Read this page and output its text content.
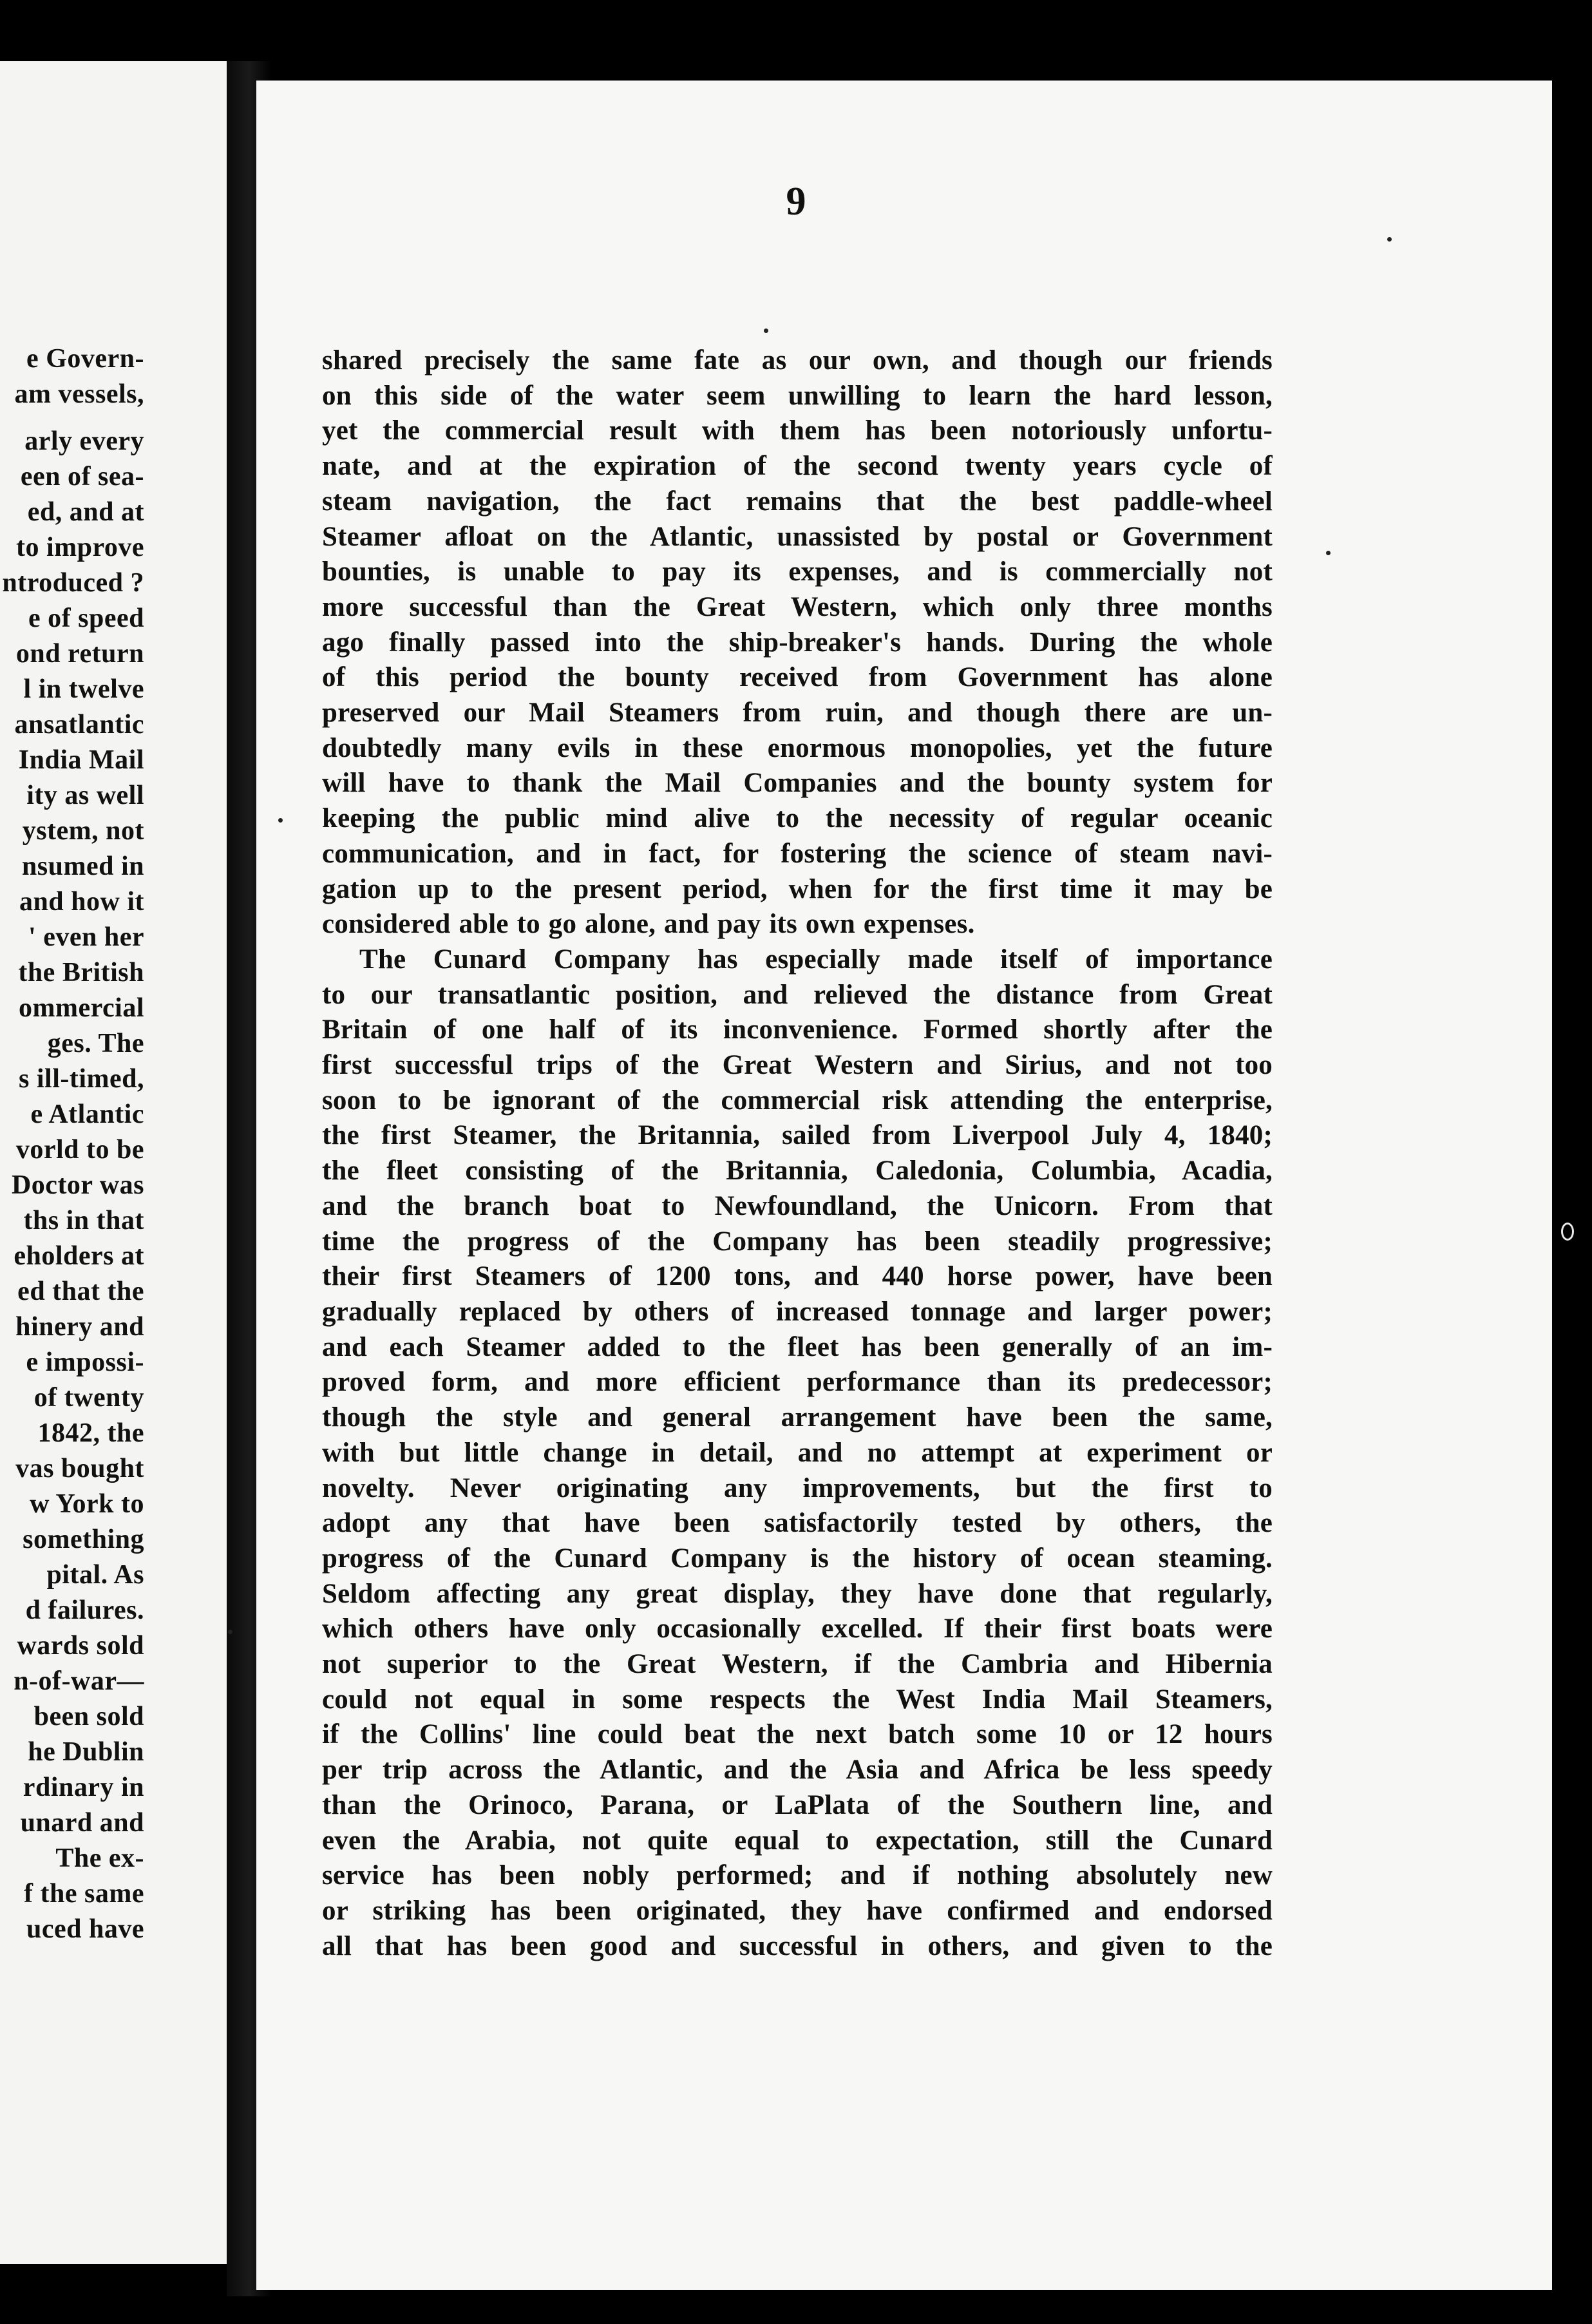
e Govern-
am vessels,
arly every
een of sea-
ed, and at
to improve
ntroduced ?
e of speed
ond return
l in twelve
ansatlantic
India Mail
ity as well
ystem, not
nsumed in
and how it
' even her
the British
ommercial
ges. The
s ill-timed,
e Atlantic
vorld to be
Doctor was
ths in that
eholders at
ed that the
hinery and
e impossi-
of twenty
1842, the
vas bought
w York to
something
pital. As
d failures.
wards sold
n-of-war—
been sold
he Dublin
rdinary in
unard and
The ex-
f the same
uced have
9
shared precisely the same fate as our own, and though our friends
on this side of the water seem unwilling to learn the hard lesson,
yet the commercial result with them has been notoriously unfortu-
nate, and at the expiration of the second twenty years cycle of
steam navigation, the fact remains that the best paddle-wheel
Steamer afloat on the Atlantic, unassisted by postal or Government
bounties, is unable to pay its expenses, and is commercially not
more successful than the Great Western, which only three months
ago finally passed into the ship-breaker's hands. During the whole
of this period the bounty received from Government has alone
preserved our Mail Steamers from ruin, and though there are un-
doubtedly many evils in these enormous monopolies, yet the future
will have to thank the Mail Companies and the bounty system for
keeping the public mind alive to the necessity of regular oceanic
communication, and in fact, for fostering the science of steam navi-
gation up to the present period, when for the first time it may be
considered able to go alone, and pay its own expenses.
The Cunard Company has especially made itself of importance
to our transatlantic position, and relieved the distance from Great
Britain of one half of its inconvenience. Formed shortly after the
first successful trips of the Great Western and Sirius, and not too
soon to be ignorant of the commercial risk attending the enterprise,
the first Steamer, the Britannia, sailed from Liverpool July 4, 1840;
the fleet consisting of the Britannia, Caledonia, Columbia, Acadia,
and the branch boat to Newfoundland, the Unicorn. From that
time the progress of the Company has been steadily progressive;
their first Steamers of 1200 tons, and 440 horse power, have been
gradually replaced by others of increased tonnage and larger power;
and each Steamer added to the fleet has been generally of an im-
proved form, and more efficient performance than its predecessor;
though the style and general arrangement have been the same,
with but little change in detail, and no attempt at experiment or
novelty. Never originating any improvements, but the first to
adopt any that have been satisfactorily tested by others, the
progress of the Cunard Company is the history of ocean steaming.
Seldom affecting any great display, they have done that regularly,
which others have only occasionally excelled. If their first boats were
not superior to the Great Western, if the Cambria and Hibernia
could not equal in some respects the West India Mail Steamers,
if the Collins' line could beat the next batch some 10 or 12 hours
per trip across the Atlantic, and the Asia and Africa be less speedy
than the Orinoco, Parana, or LaPlata of the Southern line, and
even the Arabia, not quite equal to expectation, still the Cunard
service has been nobly performed; and if nothing absolutely new
or striking has been originated, they have confirmed and endorsed
all that has been good and successful in others, and given to the
